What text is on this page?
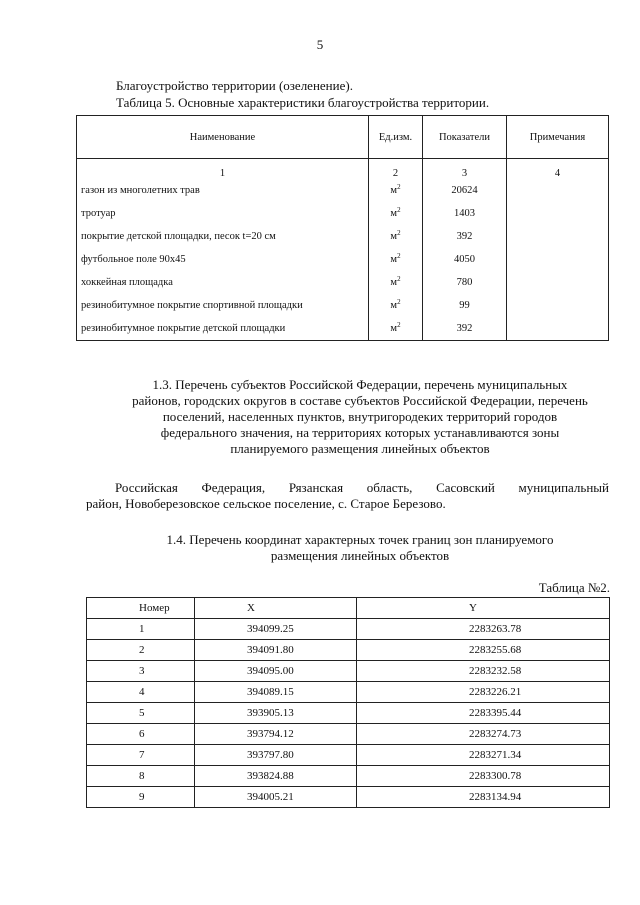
5
Благоустройство территории (озеленение).
Таблица 5. Основные характеристики благоустройства территории.
Наименование	Ед.изм.	Показатели	Примечания
1	2	3	4
газон из многолетних трав	$м^2$	20624	
тротуар	$м^2$	1403	
покрытие детской площадки, песок t=20 см	$м^2$	392	
футбольное поле 90х45	$м^2$	4050	
хоккейная площадка	$м^2$	780	
резинобитумное покрытие спортивной площадки	$м^2$	99	
резинобитумное покрытие детской площадки	$м^2$	392	
1.3. Перечень субъектов Российской Федерации, перечень муниципальных
районов, городских округов в составе субъектов Российской Федерации, перечень
поселений, населенных пунктов, внутригородеких территорий городов
федерального значения, на территориях которых устанавливаются зоны
планируемого размещения линейных объектов
Российская Федерация, Рязанская область, Сасовский муниципальный
район, Новоберезовское сельское поселение, с. Старое Березово.
1.4. Перечень координат характерных точек границ зон планируемого
размещения линейных объектов
Таблица №2.
Номер	X	Y
1	394099.25	2283263.78
2	394091.80	2283255.68
3	394095.00	2283232.58
4	394089.15	2283226.21
5	393905.13	2283395.44
6	393794.12	2283274.73
7	393797.80	2283271.34
8	393824.88	2283300.78
9	394005.21	2283134.94
